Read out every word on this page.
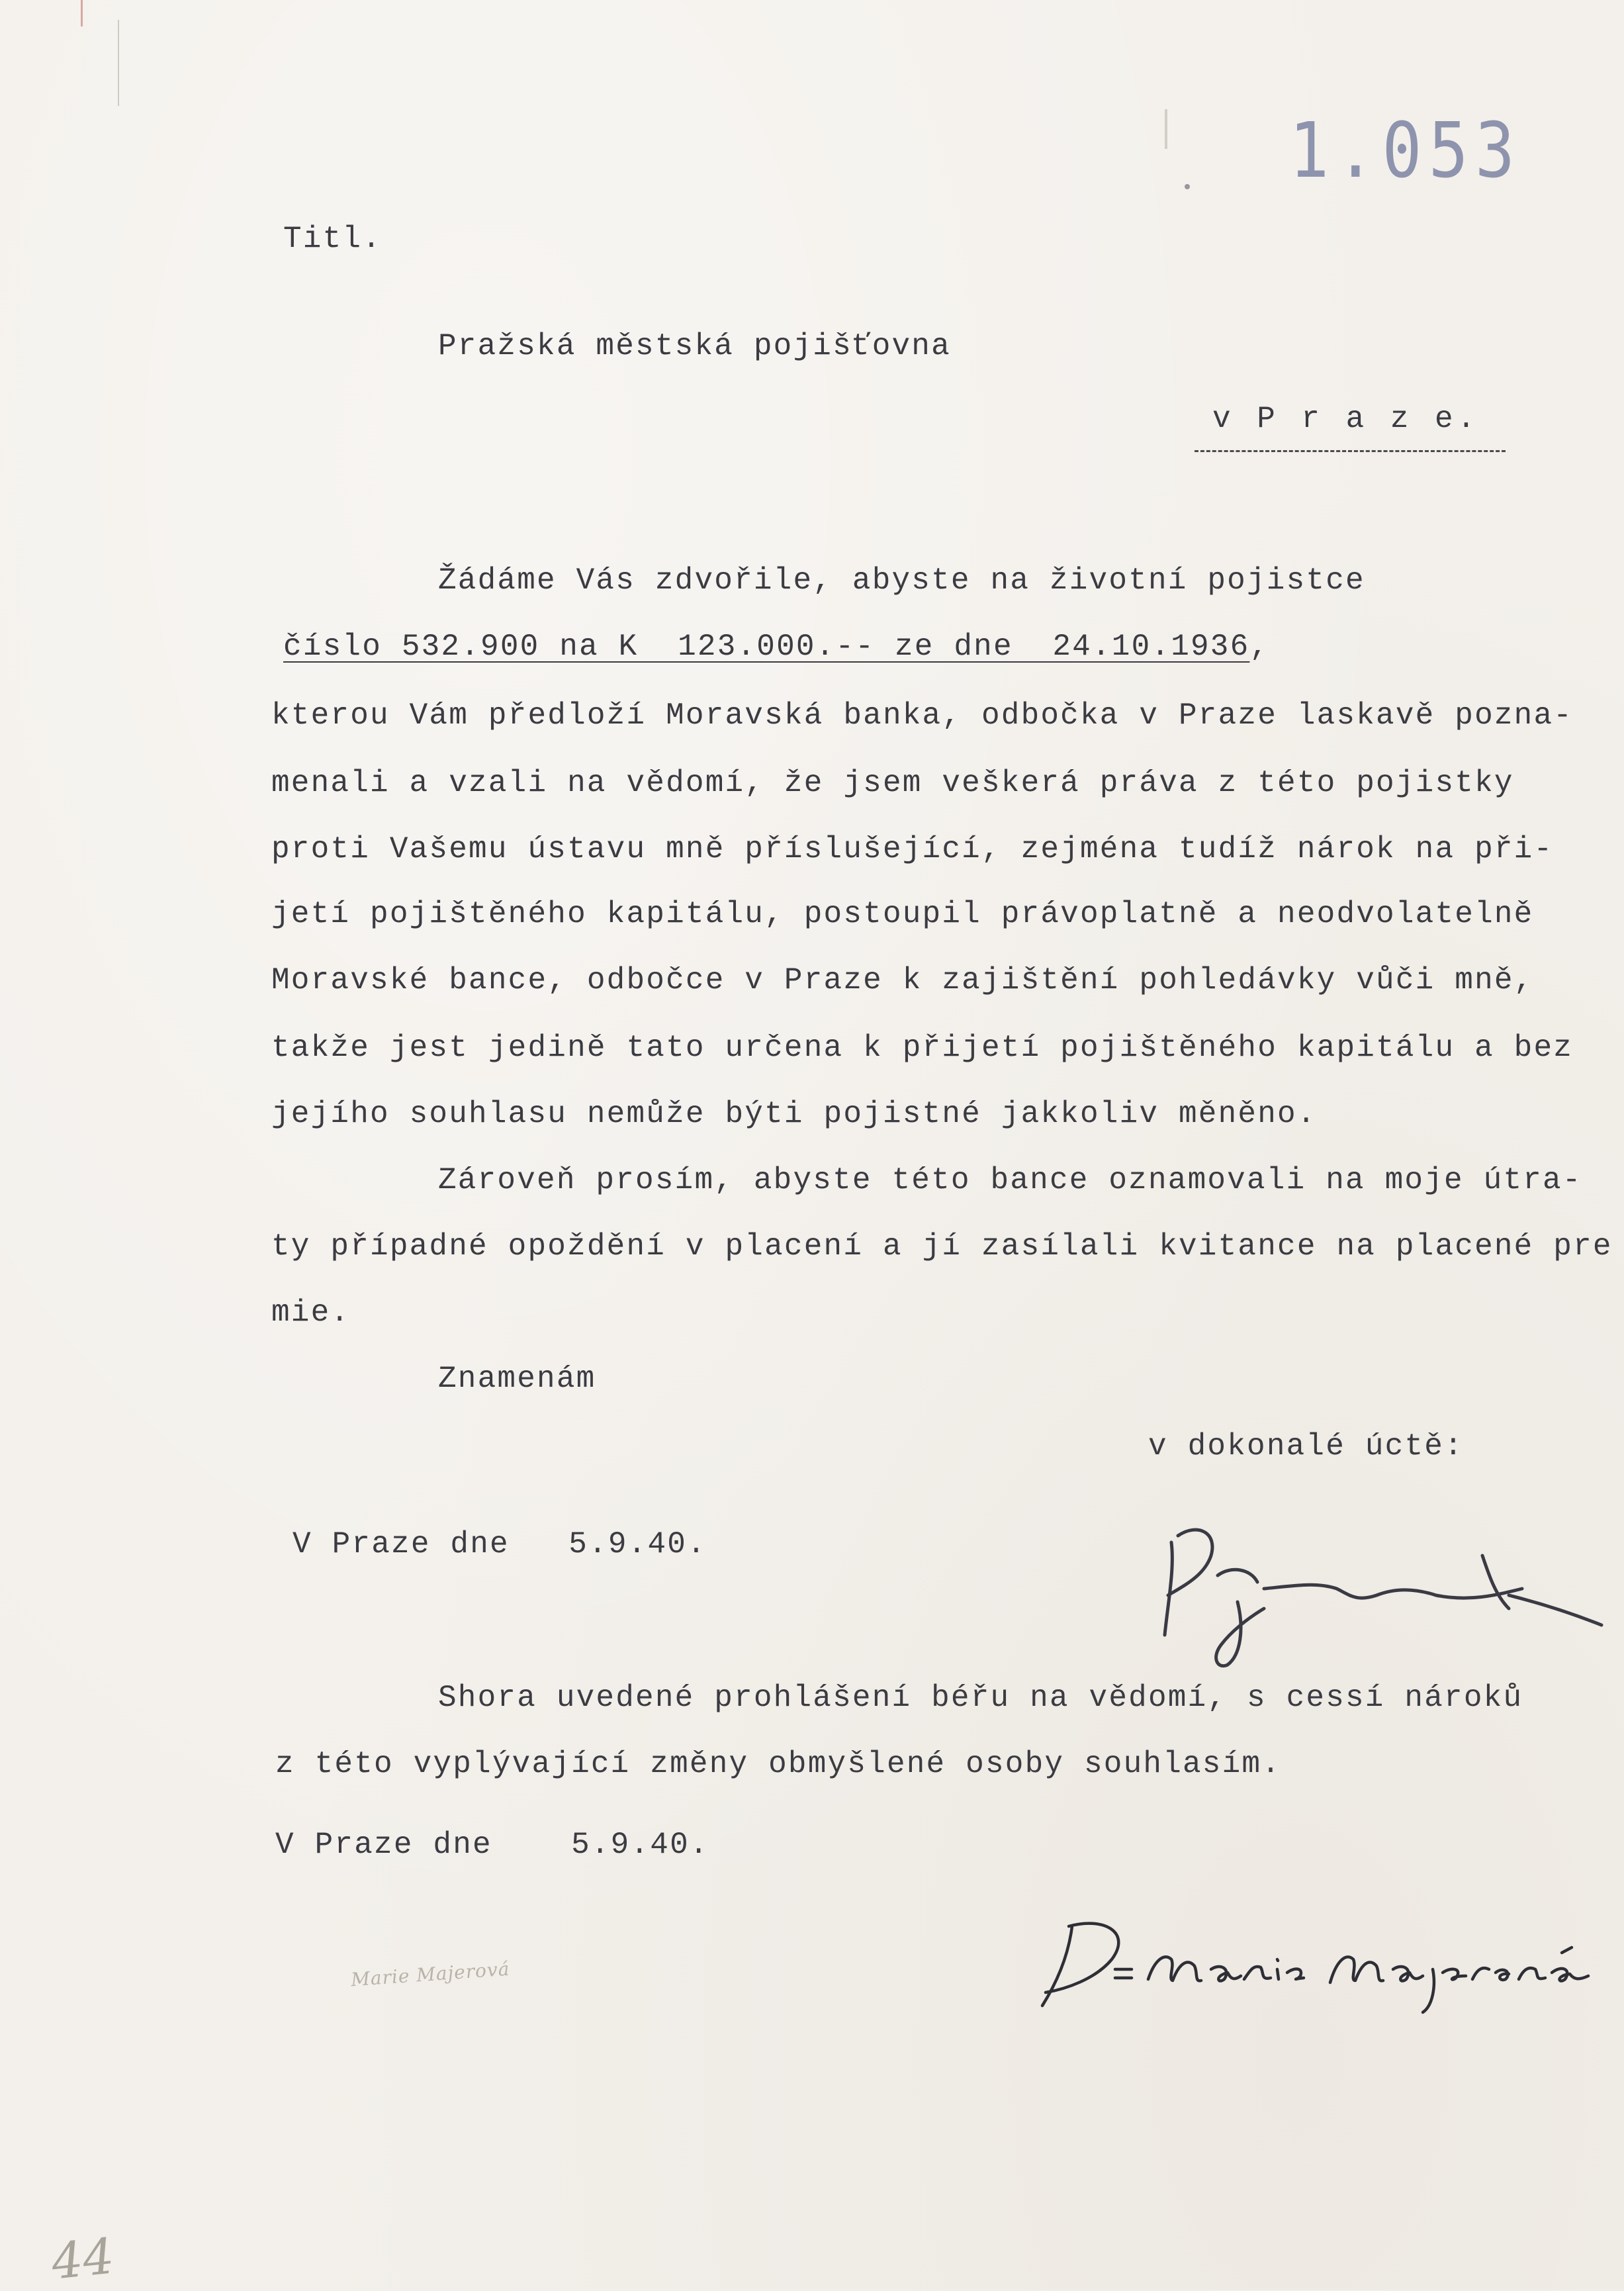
1.053
Titl.
Pražská městská pojišťovna
v P r a z e.
Žádáme Vás zdvořile, abyste na životní pojistce
číslo 532.900 na K  123.000.-- ze dne  24.10.1936,
kterou Vám předloží Moravská banka, odbočka v Praze laskavě pozna-
menali a vzali na vědomí, že jsem veškerá práva z této pojistky
proti Vašemu ústavu mně příslušející, zejména tudíž nárok na při-
jetí pojištěného kapitálu, postoupil právoplatně a neodvolatelně
Moravské bance, odbočce v Praze k zajištění pohledávky vůči mně,
takže jest jedině tato určena k přijetí pojištěného kapitálu a bez
jejího souhlasu nemůže býti pojistné jakkoliv měněno.
Zároveň prosím, abyste této bance oznamovali na moje útra-
ty případné opoždění v placení a jí zasílali kvitance na placené pre
mie.
Znamenám
v dokonalé úctě:
V Praze dne   5.9.40.
Shora uvedené prohlášení béřu na vědomí, s cessí nároků
z této vyplývající změny obmyšlené osoby souhlasím.
V Praze dne    5.9.40.
Marie Majerová
44
